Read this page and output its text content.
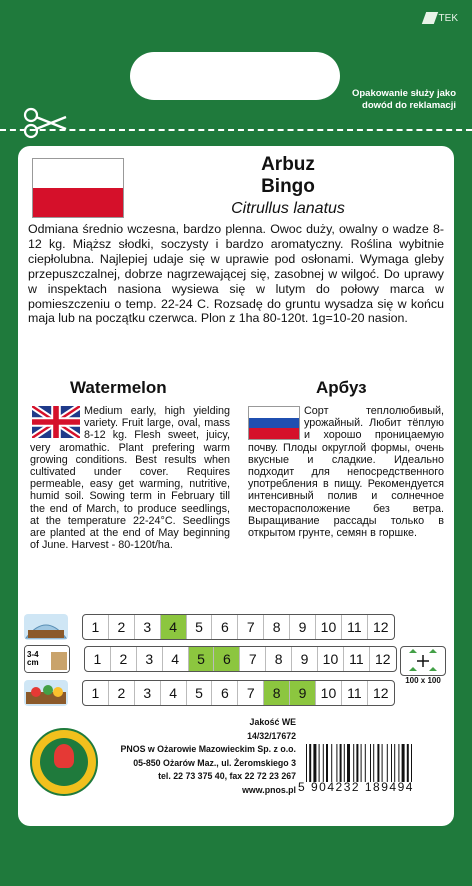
TEK
Opakowanie służy jako dowód do reklamacji
Arbuz
Bingo
Citrullus lanatus
Odmiana średnio wczesna, bardzo plenna. Owoc duży, owalny o wadze 8-12 kg. Miąższ słodki, soczysty i bardzo aromatyczny. Roślina wybitnie ciepłolubna. Najlepiej udaje się w uprawie pod osłonami. Wymaga gleby przepuszczalnej, dobrze nagrzewającej się, zasobnej w wilgoć. Do uprawy w inspektach nasiona wysiewa się w lutym do połowy marca w pomieszczeniu o temp. 22-24 C. Rozsadę do gruntu wysadza się w końcu maja lub na początku czerwca. Plon z 1ha 80-120t. 1g=10-20 nasion.
Watermelon	Арбуз
Medium early, high yielding variety. Fruit large, oval, mass 8-12 kg. Flesh sweet, juicy, very aromathic. Plant prefering warm growing conditions. Best results when cultivated under cover. Requires permeable, easy get warming, nutritive, humid soil. Sowing term in February till the end of March, to produce seedlings, at the temperature 22-24°C. Seedlings are planted at the end of May beginning of June. Harvest - 80-120t/ha.
Сорт теплолюбивый, урожайный. Любит тёплую и хорошо проницаемую почву. Плоды округлой формы, очень вкусные и сладкие. Идеально подходит для непосредственного употребления в пищу. Рекомендуется интенсивный полив и солнечное месторасположение без ветра. Выращивание расcады только в открытом грунте, семян в горшке.
1	2	3	4	5	6	7	8	9	10 11 12
3-4 cm	1	2	3	4	5	6	7	8	9	10 11 12
1	2	3	4	5	6	7	8	9	10 11 12
100 x 100
Jakość WE
14/32/17672
PNOS w Ożarowie Mazowieckim Sp. z o.o.
05-850 Ożarów Maz., ul. Żeromskiego 3
tel. 22 73 375 40, fax 22 72 23 267
www.pnos.pl 5 904232 189494
